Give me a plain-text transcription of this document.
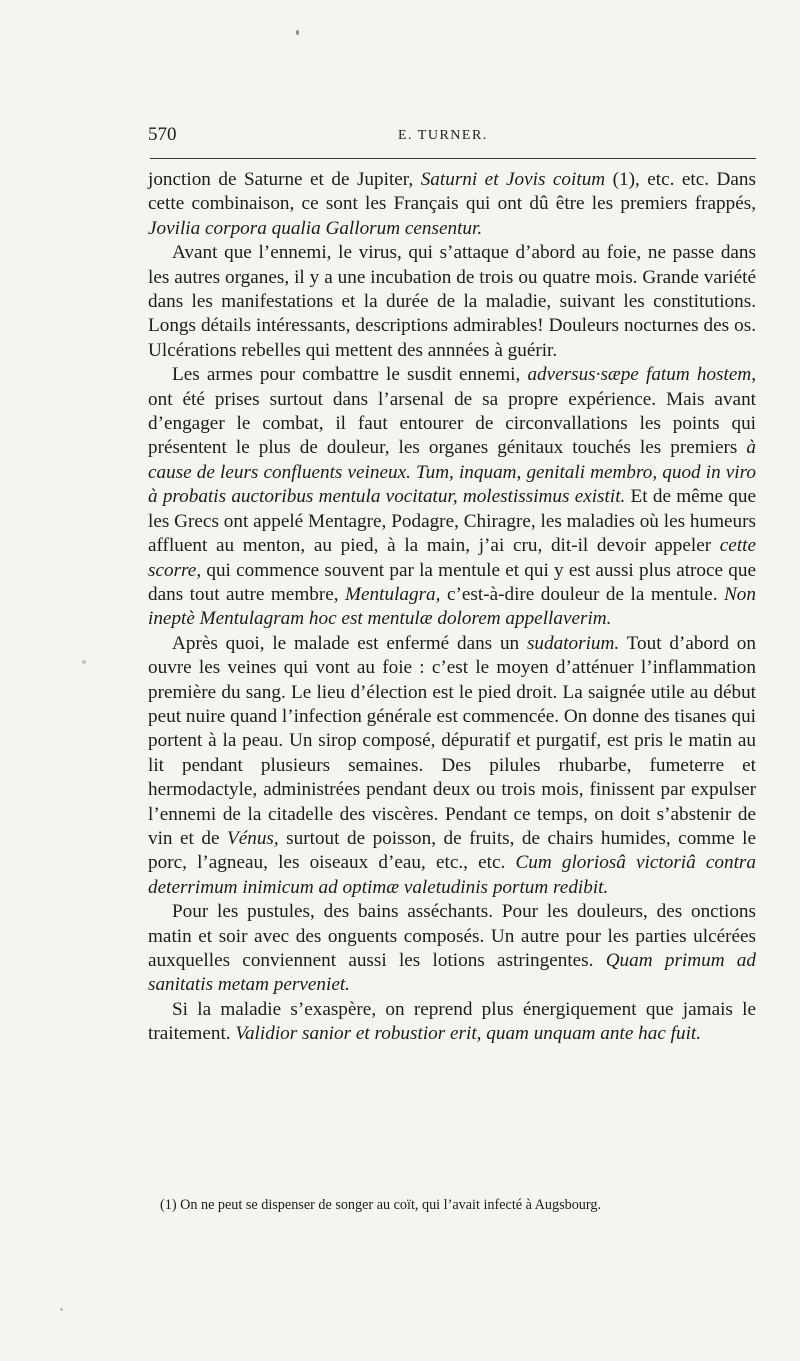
570	E. TURNER.

jonction de Saturne et de Jupiter, Saturni et Jovis coitum (1), etc. etc. Dans cette combinaison, ce sont les Français qui ont dû être les premiers frappés, Jovilia corpora qualia Gallorum censentur.

Avant que l’ennemi, le virus, qui s’attaque d’abord au foie, ne passe dans les autres organes, il y a une incubation de trois ou quatre mois. Grande variété dans les manifestations et la durée de la maladie, suivant les constitutions. Longs détails intéressants, descriptions admirables! Douleurs nocturnes des os. Ulcérations rebelles qui mettent des annnées à guérir.

Les armes pour combattre le susdit ennemi, adversus·sæpe fatum hostem, ont été prises surtout dans l’arsenal de sa propre expérience. Mais avant d’engager le combat, il faut entourer de circonvallations les points qui présentent le plus de douleur, les organes génitaux touchés les premiers à cause de leurs confluents veineux. Tum, inquam, genitali membro, quod in viro à probatis auctoribus mentula vocitatur, molestissimus existit. Et de même que les Grecs ont appelé Mentagre, Podagre, Chiragre, les maladies où les humeurs affluent au menton, au pied, à la main, j’ai cru, dit-il devoir appeler cette scorre, qui commence souvent par la mentule et qui y est aussi plus atroce que dans tout autre membre, Mentulagra, c’est-à-dire douleur de la mentule. Non ineptè Mentulagram hoc est mentulæ dolorem appellaverim.

Après quoi, le malade est enfermé dans un sudatorium. Tout d’abord on ouvre les veines qui vont au foie : c’est le moyen d’atténuer l’inflammation première du sang. Le lieu d’élection est le pied droit. La saignée utile au début peut nuire quand l’infection générale est commencée. On donne des tisanes qui portent à la peau. Un sirop composé, dépuratif et purgatif, est pris le matin au lit pendant plusieurs semaines. Des pilules rhubarbe, fumeterre et hermodactyle, administrées pendant deux ou trois mois, finissent par expulser l’ennemi de la citadelle des viscères. Pendant ce temps, on doit s’abstenir de vin et de Vénus, surtout de poisson, de fruits, de chairs humides, comme le porc, l’agneau, les oiseaux d’eau, etc., etc. Cum gloriosâ victoriâ contra deterrimum inimicum ad optimæ valetudinis portum redibit.

Pour les pustules, des bains asséchants. Pour les douleurs, des onctions matin et soir avec des onguents composés. Un autre pour les parties ulcérées auxquelles conviennent aussi les lotions astringentes. Quam primum ad sanitatis metam perveniet.

Si la maladie s’exaspère, on reprend plus énergiquement que jamais le traitement. Validior sanior et robustior erit, quam unquam ante hac fuit.

(1) On ne peut se dispenser de songer au coït, qui l’avait infecté à Augsbourg.
